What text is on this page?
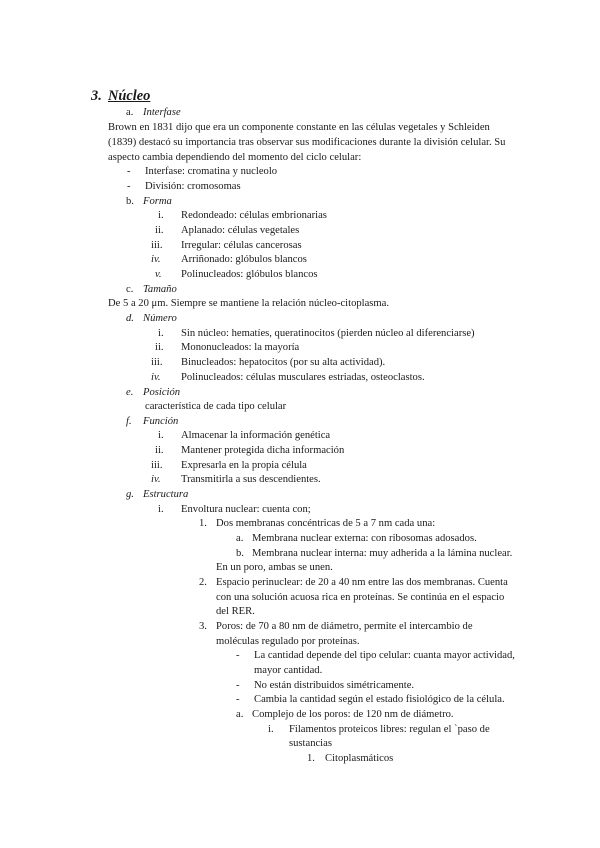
3. Núcleo
a. Interfase
Brown en 1831 dijo que era un componente constante en las células vegetales y Schleiden
(1839) destacó su importancia tras observar sus modificaciones durante la división celular. Su
aspecto cambia dependiendo del momento del ciclo celular:
- Interfase: cromatina y nucleolo
- División: cromosomas
b. Forma
i. Redondeado: células embrionarias
ii. Aplanado: células vegetales
iii. Irregular: células cancerosas
iv. Arriñonado: glóbulos blancos
v. Polinucleados: glóbulos blancos
c. Tamaño
De 5 a 20 μm. Siempre se mantiene la relación núcleo-citoplasma.
d. Número
i. Sin núcleo: hematíes, queratinocitos (pierden núcleo al diferenciarse)
ii. Mononucleados: la mayoría
iii. Binucleados: hepatocitos (por su alta actividad).
iv. Polinucleados: células musculares estriadas, osteoclastos.
e. Posición
característica de cada tipo celular
f. Función
i. Almacenar la información genética
ii. Mantener protegida dicha información
iii. Expresarla en la propia célula
iv. Transmitirla a sus descendientes.
g. Estructura
i. Envoltura nuclear: cuenta con;
1. Dos membranas concéntricas de 5 a 7 nm cada una:
a. Membrana nuclear externa: con ribosomas adosados.
b. Membrana nuclear interna: muy adherida a la lámina nuclear.
En un poro, ambas se unen.
2. Espacio perinuclear: de 20 a 40 nm entre las dos membranas. Cuenta
con una solución acuosa rica en proteínas. Se continúa en el espacio
del RER.
3. Poros: de 70 a 80 nm de diámetro, permite el intercambio de
moléculas regulado por proteínas.
- La cantidad depende del tipo celular: cuanta mayor actividad,
mayor cantidad.
- No están distribuidos simétricamente.
- Cambia la cantidad según el estado fisiológico de la célula.
a. Complejo de los poros: de 120 nm de diámetro.
i. Filamentos proteicos libres: regulan el `paso de
sustancias
1. Citoplasmáticos
